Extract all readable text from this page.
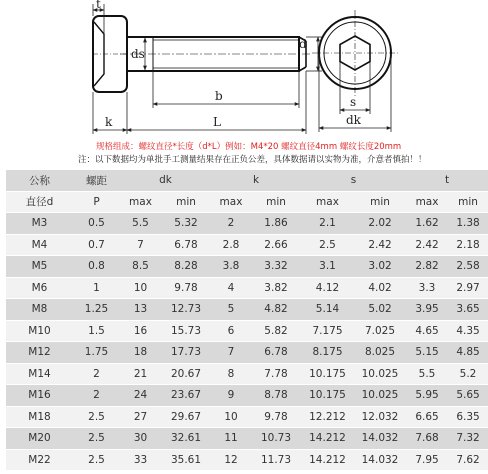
t
ds
d
b
k	L
s
dk
规格组成：螺纹直径*长度（d*L）例如：M4*20 螺纹直径4mm 螺纹长度20mm
注：以下数据均为单批手工测量结果存在正负公差，具体数据请以实物为准，介意者慎拍！！
公称	螺距	dk		k		s		t	
直径d	P	max	min	max	min	max	min	max	min
M3	0.5	5.5	5.32	2	1.86	2.1	2.02	1.62	1.38
M4	0.7	7	6.78	2.8	2.66	2.5	2.42	2.42	2.18
M5	0.8	8.5	8.28	3.8	3.32	3.1	3.02	2.82	2.58
M6	1	10	9.78	4	3.82	4.12	4.02	3.3	2.97
M8	1.25	13	12.73	5	4.82	5.14	5.02	3.95	3.65
M10	1.5	16	15.73	6	5.82	7.175	7.025	4.65	4.35
M12	1.75	18	17.73	7	6.78	8.175	8.025	5.15	4.85
M14	2	21	20.67	8	7.78	10.175	10.025	5.5	5.2
M16	2	24	23.67	9	8.78	10.175	10.025	5.95	5.65
M18	2.5	27	29.67	10	9.78	12.212	12.032	6.65	6.35
M20	2.5	30	32.61	11	10.73	14.212	14.032	7.68	7.32
M22	2.5	33	35.61	12	11.73	14.212	14.032	7.95	7.62
